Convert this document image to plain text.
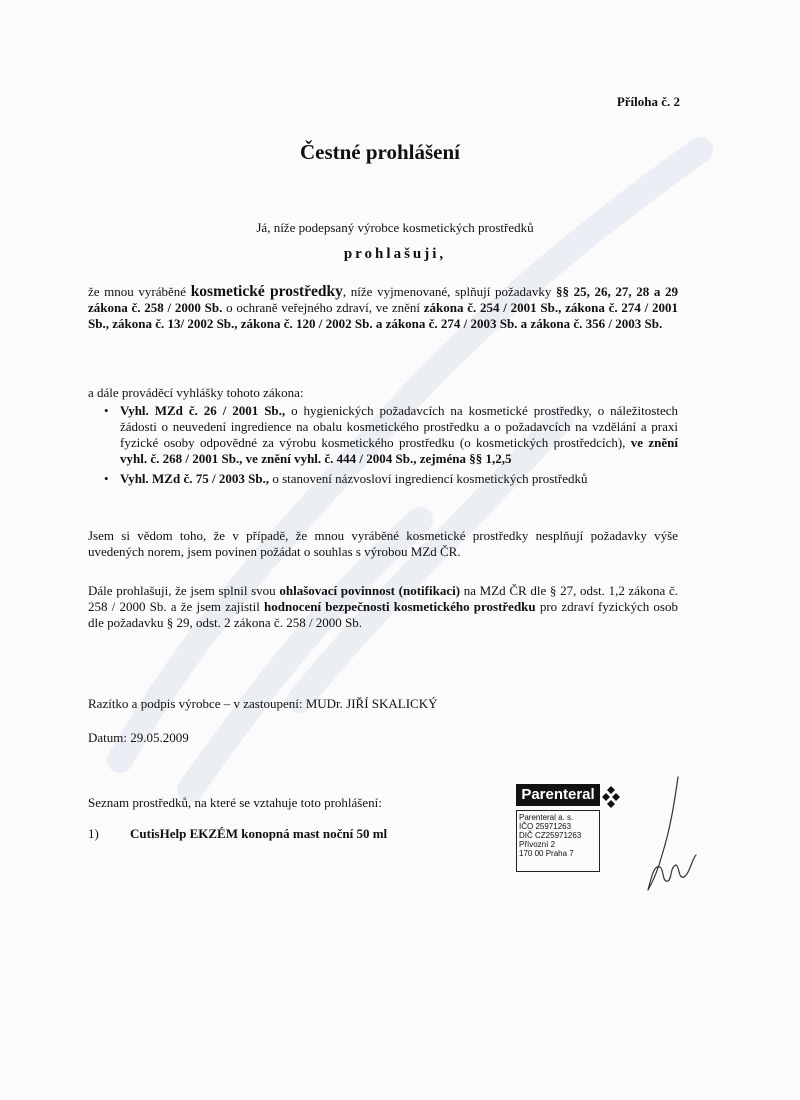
Příloha č. 2
Čestné prohlášení
Já, níže podepsaný výrobce kosmetických prostředků
prohlašuji,
že mnou vyráběné kosmetické prostředky, níže vyjmenované, splňují požadavky §§ 25, 26, 27, 28 a 29 zákona č. 258 / 2000 Sb. o ochraně veřejného zdraví, ve znění zákona č. 254 / 2001 Sb., zákona č. 274 / 2001 Sb., zákona č. 13/ 2002 Sb., zákona č. 120 / 2002 Sb. a zákona č. 274 / 2003 Sb. a zákona č. 356 / 2003 Sb.
a dále prováděcí vyhlášky tohoto zákona:
• Vyhl. MZd č. 26 / 2001 Sb., o hygienických požadavcích na kosmetické prostředky, o náležitostech žádosti o neuvedení ingredience na obalu kosmetického prostředku a o požadavcích na vzdělání a praxi fyzické osoby odpovědné za výrobu kosmetického prostředku (o kosmetických prostředcích), ve znění vyhl. č. 268 / 2001 Sb., ve znění vyhl. č. 444 / 2004 Sb., zejména §§ 1,2,5
• Vyhl. MZd č. 75 / 2003 Sb., o stanovení názvosloví ingrediencí kosmetických prostředků
Jsem si vědom toho, že v případě, že mnou vyráběné kosmetické prostředky nesplňují požadavky výše uvedených norem, jsem povinen požádat o souhlas s výrobou MZd ČR.
Dále prohlašuji, že jsem splnil svou ohlašovací povinnost (notifikaci) na MZd ČR dle § 27, odst. 1,2 zákona č. 258 / 2000 Sb. a že jsem zajistil hodnocení bezpečnosti kosmetického prostředku pro zdraví fyzických osob dle požadavku § 29, odst. 2 zákona č. 258 / 2000 Sb.
Razítko a podpis výrobce – v zastoupení: MUDr. JIŘÍ SKALICKÝ
Datum: 29.05.2009
Seznam prostředků, na které se vztahuje toto prohlášení:
1) CutisHelp EKZÉM konopná mast noční 50 ml
Parenteral
Parenteral a. s.
IČO 25971263
DIČ CZ25971263
Přívozní 2
170 00 Praha 7
